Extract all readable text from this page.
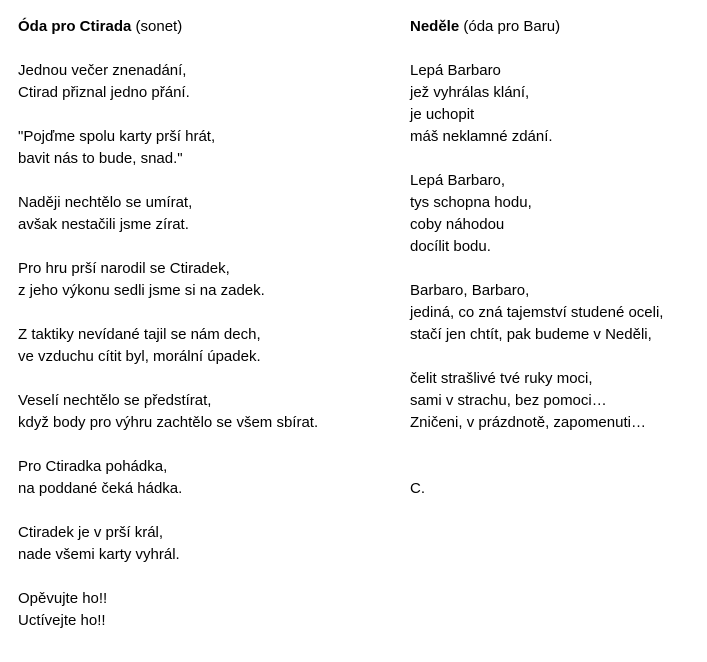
Óda pro Ctirada (sonet)
Jednou večer znenadání,
Ctirad přiznal jedno přání.
"Pojďme spolu karty prší hrát,
bavit nás to bude, snad."
Naději nechtělo se umírat,
avšak nestačili jsme zírat.
Pro hru prší narodil se Ctiradek,
z jeho výkonu sedli jsme si na zadek.
Z taktiky nevídané tajil se nám dech,
ve vzduchu cítit byl, morální úpadek.
Veselí nechtělo se předstírat,
když body pro výhru zachtělo se všem sbírat.
Pro Ctiradka pohádka,
na poddané čeká hádka.
Ctiradek je v prší král,
nade všemi karty vyhrál.
Opěvujte ho!!
Uctívejte ho!!
Neděle (óda pro Baru)
Lepá Barbaro
jež vyhrálas klání,
je uchopit
máš neklamné zdání.
Lepá Barbaro,
tys schopna hodu,
coby náhodou
docílit bodu.
Barbaro, Barbaro,
jediná, co zná tajemství studené oceli,
stačí jen chtít, pak budeme v Neděli,
čelit strašlivé tvé ruky moci,
sami v strachu, bez pomoci…
Zničeni, v prázdnotě, zapomenuti…
C.
